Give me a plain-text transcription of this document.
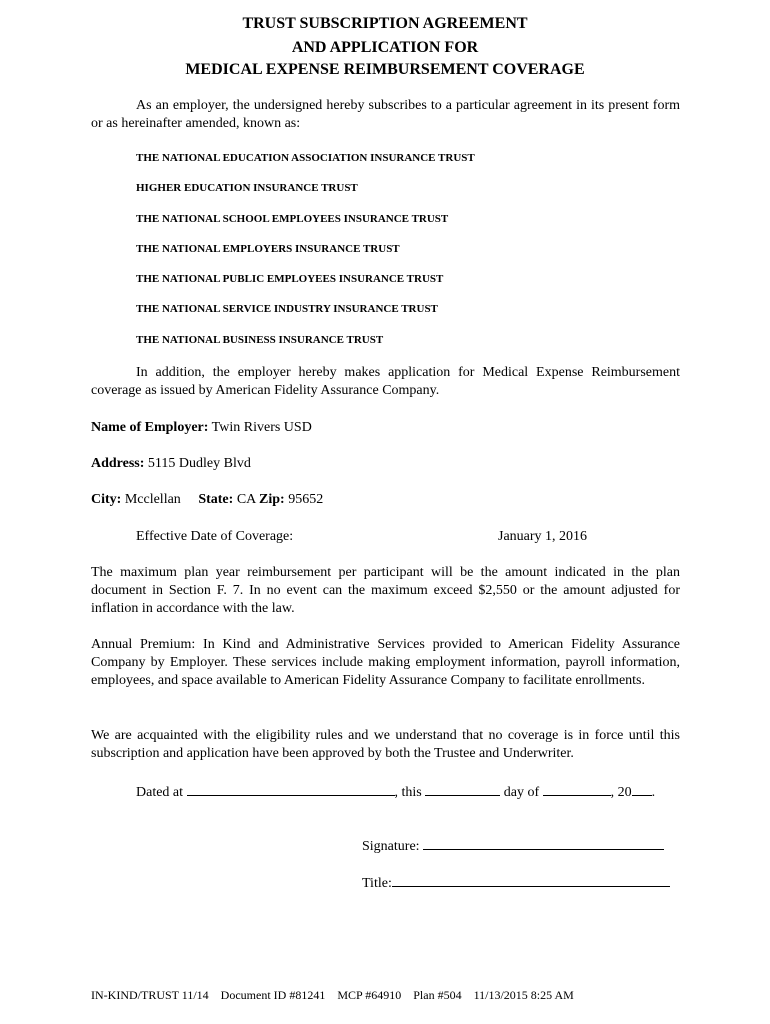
TRUST SUBSCRIPTION AGREEMENT
AND APPLICATION FOR
MEDICAL EXPENSE REIMBURSEMENT COVERAGE
As an employer, the undersigned hereby subscribes to a particular agreement in its present form or as hereinafter amended, known as:
THE NATIONAL EDUCATION ASSOCIATION INSURANCE TRUST
HIGHER EDUCATION INSURANCE TRUST
THE NATIONAL SCHOOL EMPLOYEES INSURANCE TRUST
THE NATIONAL EMPLOYERS INSURANCE TRUST
THE NATIONAL PUBLIC EMPLOYEES INSURANCE TRUST
THE NATIONAL SERVICE INDUSTRY INSURANCE TRUST
THE NATIONAL BUSINESS INSURANCE TRUST
In addition, the employer hereby makes application for Medical Expense Reimbursement coverage as issued by American Fidelity Assurance Company.
Name of Employer: Twin Rivers USD
Address: 5115 Dudley Blvd
City: Mcclellan State: CA Zip: 95652
Effective Date of Coverage:	January 1, 2016
The maximum plan year reimbursement per participant will be the amount indicated in the plan document in Section F. 7. In no event can the maximum exceed $2,550 or the amount adjusted for inflation in accordance with the law.
Annual Premium: In Kind and Administrative Services provided to American Fidelity Assurance Company by Employer. These services include making employment information, payroll information, employees, and space available to American Fidelity Assurance Company to facilitate enrollments.
We are acquainted with the eligibility rules and we understand that no coverage is in force until this subscription and application have been approved by both the Trustee and Underwriter.
Dated at	, this	day of	, 20 .
Signature:
Title:
IN-KIND/TRUST 11/14 Document ID #81241 MCP #64910 Plan #504 11/13/2015 8:25 AM
